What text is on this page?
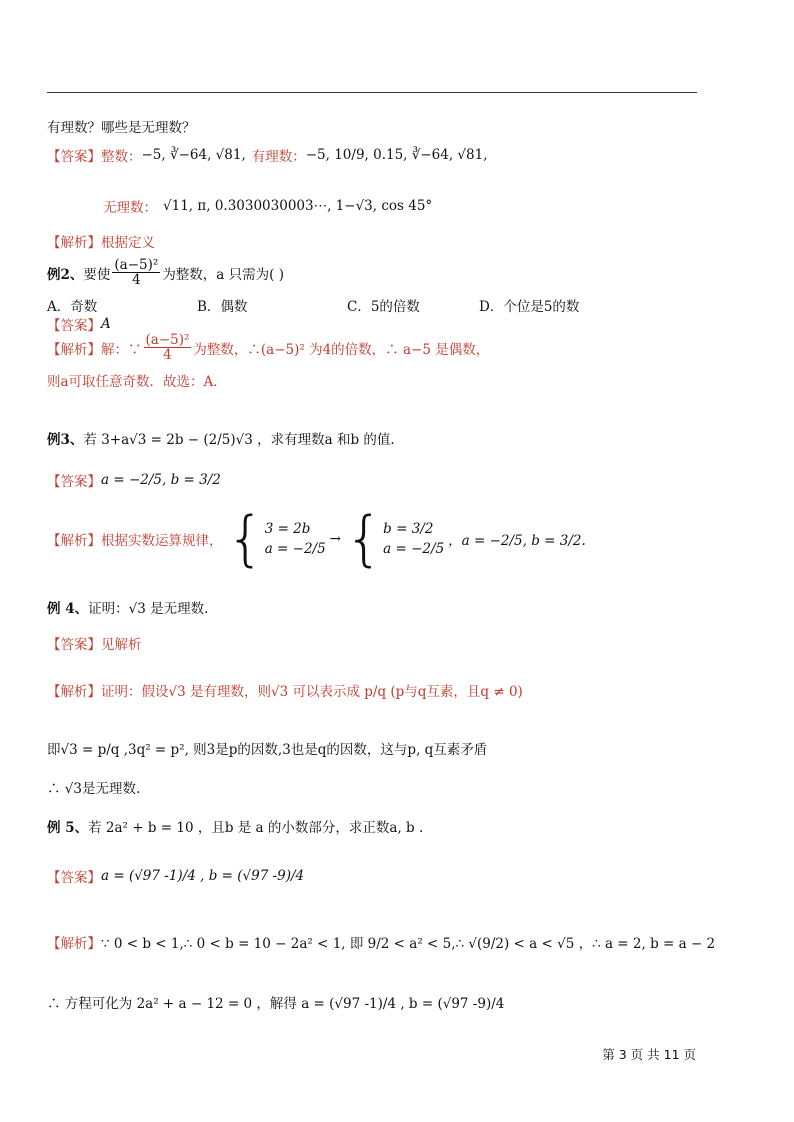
有理数？哪些是无理数？
【答案】 整数： −5, ∛−64, √81, 有理数： −5, 10/9, 0.15, ∛−64, √81,
无理数： √11, π, 0.3030030003⋯, 1−√3, cos 45°
【解析】 根据定义
例2、 要使 $\frac{\text{(a−5)²}}{4}$ 为整数，a 只需为( )
A．奇数	B．偶数	C．5的倍数	D．个位是5的数
【答案】 A
【解析】 解：∵ $\frac{\text{(a−5)²}}{4}$ 为整数，∴(a−5)² 为4的倍数，∴ a−5 是偶数，
则a可取任意奇数．故选：A．
例3、 若 3+a√3 = 2b − (2/5)√3 ，求有理数a 和b 的值.
【答案】 a = −2/5, b = 3/2
【解析】 根据实数运算规律， { 3 = 2b
a = −2/5
→ { b = 3/2
a = −2/5 ，a = −2/5, b = 3/2.
例 4、 证明：√3 是无理数.
【答案】 见解析
【解析】 证明：假设√3 是有理数，则√3 可以表示成 p/q (p与q互素，且q ≠ 0)
即√3 = p/q ,3q² = p², 则3是p的因数,3也是q的因数，这与p, q互素矛盾
∴ √3是无理数.
例 5、 若 2a² + b = 10 ，且b 是 a 的小数部分，求正数a, b .
【答案】 a = (√97 -1)/4 , b = (√97 -9)/4
【解析】 ∵ 0 < b < 1,∴ 0 < b = 10 − 2a² < 1, 即 9/2 < a² < 5,∴ √(9/2) < a < √5 ，∴ a = 2, b = a − 2
∴ 方程可化为 2a² + a − 12 = 0 ，解得 a = (√97 -1)/4 , b = (√97 -9)/4
第 3 页 共 11 页
